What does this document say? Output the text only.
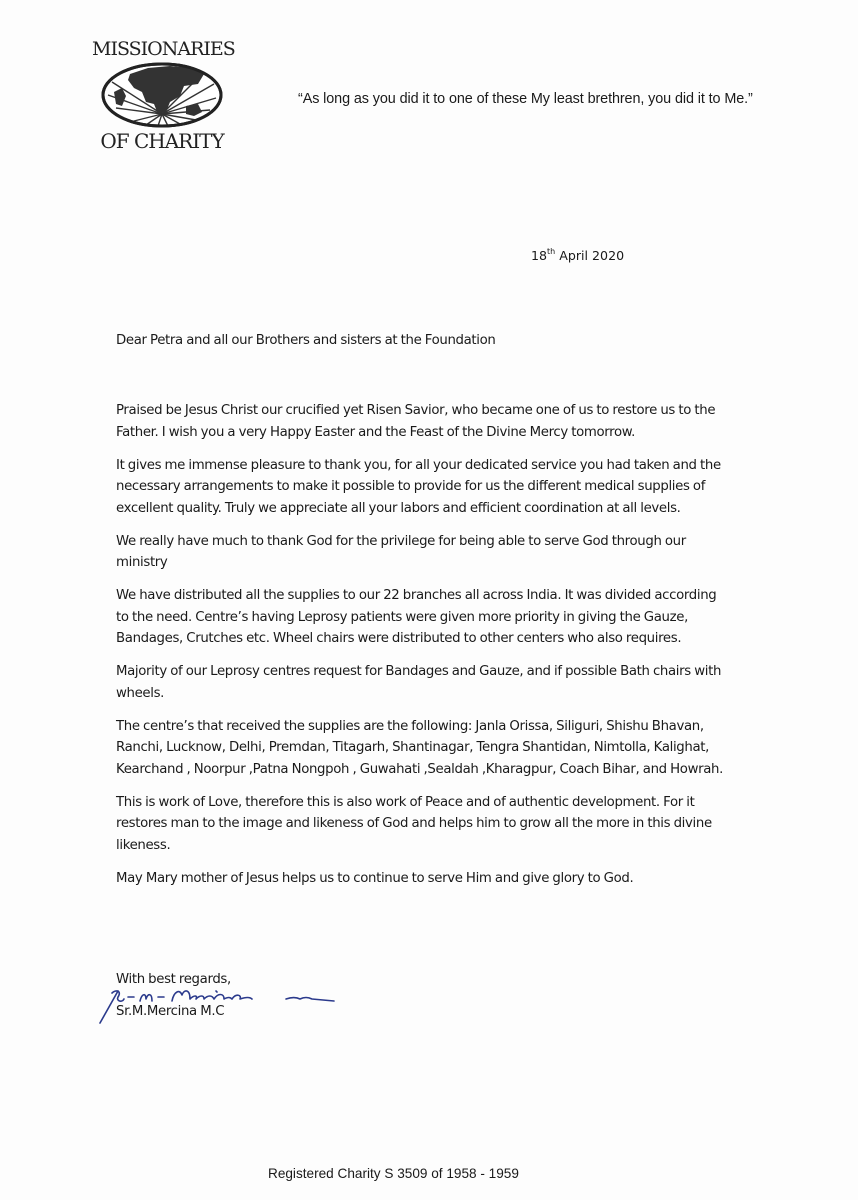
MISSIONARIES
OF CHARITY
“As long as you did it to one of these My least brethren, you did it to Me.”
18th April 2020
Dear Petra and all our Brothers and sisters at the Foundation

Praised be Jesus Christ our crucified yet Risen Savior, who became one of us to restore us to the Father. I wish you a very Happy Easter and the Feast of the Divine Mercy tomorrow.

It gives me immense pleasure to thank you, for all your dedicated service you had taken and the necessary arrangements to make it possible to provide for us the different medical supplies of excellent quality. Truly we appreciate all your labors and efficient coordination at all levels.

We really have much to thank God for the privilege for being able to serve God through our ministry

We have distributed all the supplies to our 22 branches all across India. It was divided according to the need. Centre’s having Leprosy patients were given more priority in giving the Gauze, Bandages, Crutches etc. Wheel chairs were distributed to other centers who also requires.

Majority of our Leprosy centres request for Bandages and Gauze, and if possible Bath chairs with wheels.

The centre’s that received the supplies are the following: Janla Orissa, Siliguri, Shishu Bhavan, Ranchi, Lucknow, Delhi, Premdan, Titagarh, Shantinagar, Tengra Shantidan, Nimtolla, Kalighat, Kearchand , Noorpur ,Patna Nongpoh , Guwahati ,Sealdah ,Kharagpur, Coach Bihar, and Howrah.

This is work of Love, therefore this is also work of Peace and of authentic development. For it restores man to the image and likeness of God and helps him to grow all the more in this divine likeness.

May Mary mother of Jesus helps us to continue to serve Him and give glory to God.

With best regards,
Sr.M.Mercina M.C
Registered Charity S 3509 of 1958 - 1959
